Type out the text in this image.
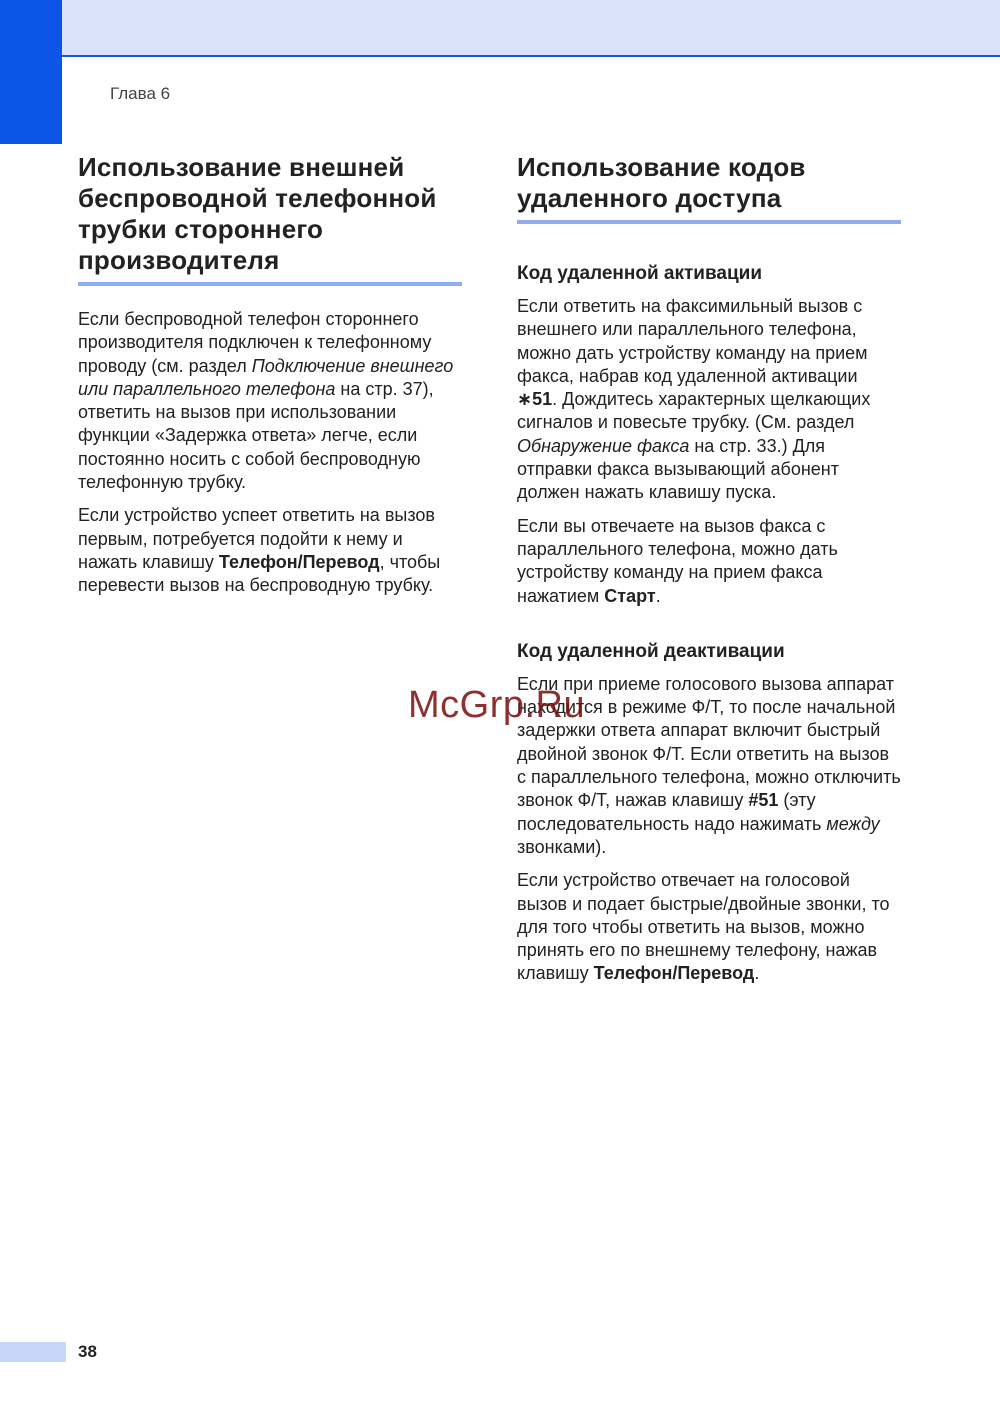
Глава 6
Использование внешней беспроводной телефонной трубки стороннего производителя

Если беспроводной телефон стороннего производителя подключен к телефонному проводу (см. раздел Подключение внешнего или параллельного телефона на стр. 37), ответить на вызов при использовании функции «Задержка ответа» легче, если постоянно носить с собой беспроводную телефонную трубку.

Если устройство успеет ответить на вызов первым, потребуется подойти к нему и нажать клавишу Телефон/Перевод, чтобы перевести вызов на беспроводную трубку.

Использование кодов удаленного доступа
Код удаленной активации

Если ответить на факсимильный вызов с внешнего или параллельного телефона, можно дать устройству команду на прием факса, набрав код удаленной активации ∗51. Дождитесь характерных щелкающих сигналов и повесьте трубку. (См. раздел Обнаружение факса на стр. 33.) Для отправки факса вызывающий абонент должен нажать клавишу пуска.

Если вы отвечаете на вызов факса с параллельного телефона, можно дать устройству команду на прием факса нажатием Старт.

Код удаленной деактивации

Если при приеме голосового вызова аппарат находится в режиме Ф/Т, то после начальной задержки ответа аппарат включит быстрый двойной звонок Ф/Т. Если ответить на вызов с параллельного телефона, можно отключить звонок Ф/Т, нажав клавишу #51 (эту последовательность надо нажимать между звонками).

Если устройство отвечает на голосовой вызов и подает быстрые/двойные звонки, то для того чтобы ответить на вызов, можно принять его по внешнему телефону, нажав клавишу Телефон/Перевод.

McGrp.Ru
38
